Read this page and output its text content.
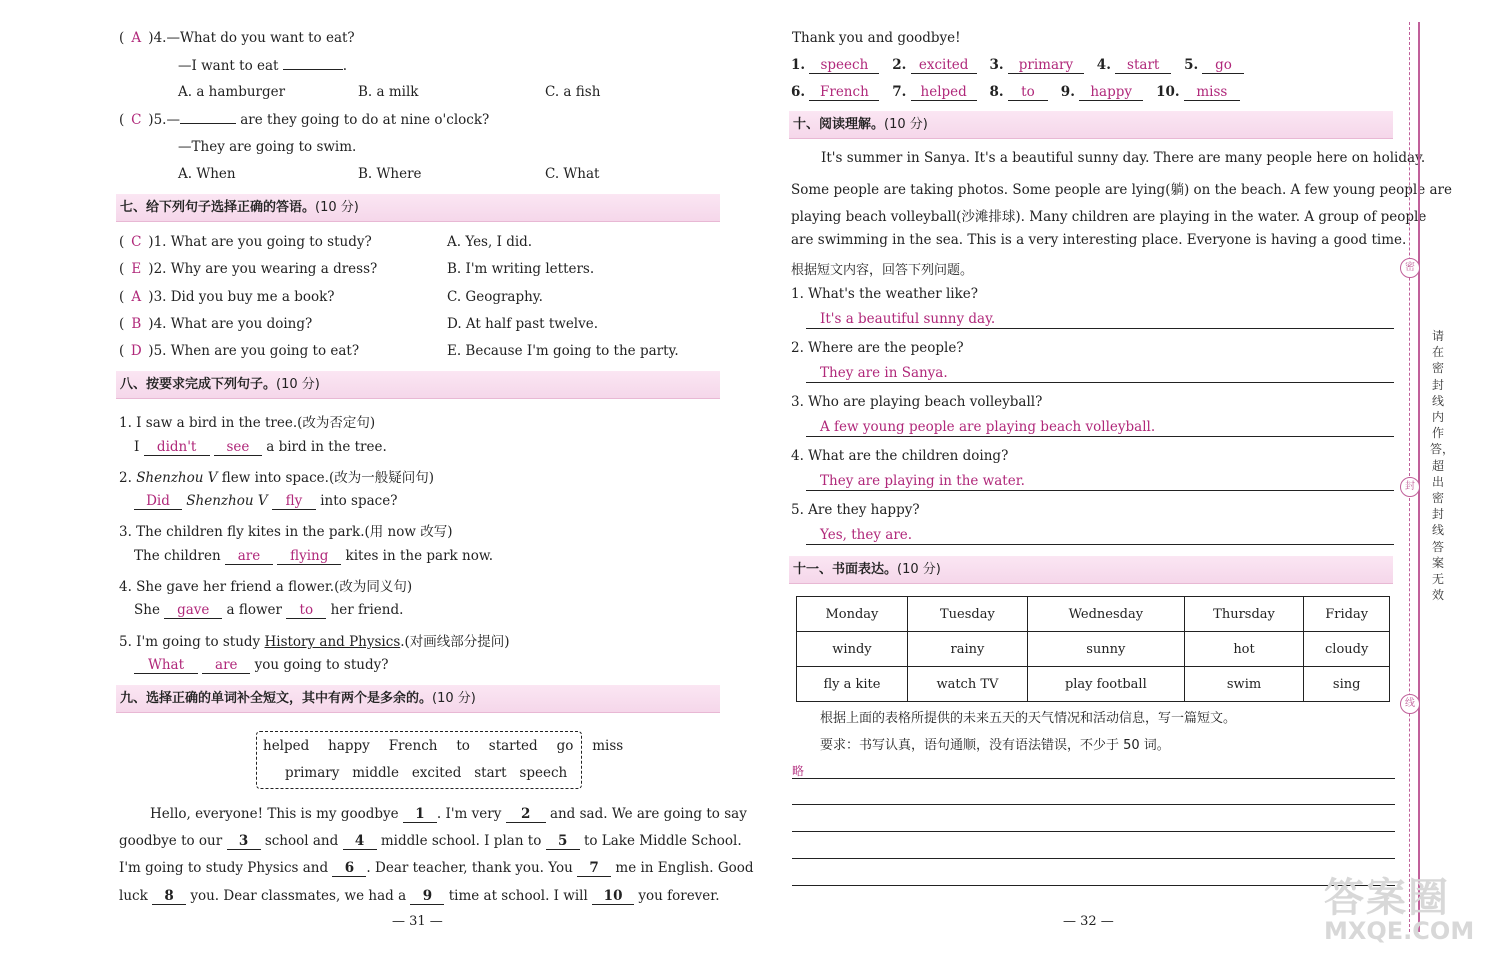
( A )4.—What do you want to eat?
—I want to eat	.
A. a hamburger	B. a milk	C. a fish
( C )5.—	are they going to do at nine o'clock?
—They are going to swim.
A. When	B. Where	C. What
七、给下列句子选择正确的答语。(10 分)
( C )1. What are you going to study?	A. Yes, I did.
( E )2. Why are you wearing a dress?	B. I'm writing letters.
( A )3. Did you buy me a book?	C. Geography.
( B )4. What are you doing?	D. At half past twelve.
( D )5. When are you going to eat?	E. Because I'm going to the party.
八、按要求完成下列句子。(10 分)
1. I saw a bird in the tree.(改为否定句)
I didn't see a bird in the tree.
2. Shenzhou V flew into space.(改为一般疑问句)
Did Shenzhou V fly into space?
3. The children fly kites in the park.(用 now 改写)
The children are flying kites in the park now.
4. She gave her friend a flower.(改为同义句)
She gave a flower to her friend.
5. I'm going to study History and Physics.(对画线部分提问)
What are you going to study?
九、选择正确的单词补全短文，其中有两个是多余的。(10 分)
helped happy French to started go miss
primary middle excited start speech
Hello, everyone! This is my goodbye 1 . I'm very 2 and sad. We are going to say
goodbye to our 3 school and 4 middle school. I plan to 5 to Lake Middle School.
I'm going to study Physics and 6 . Dear teacher, thank you. You 7 me in English. Good
luck 8 you. Dear classmates, we had a 9 time at school. I will 10 you forever.
— 31 —
Thank you and goodbye!
1. speech 2. excited 3. primary 4. start 5. go
6. French 7. helped 8. to 9. happy 10. miss
十、阅读理解。(10 分)
It's summer in Sanya. It's a beautiful sunny day. There are many people here on holiday.
Some people are taking photos. Some people are lying(躺) on the beach. A few young people are
playing beach volleyball(沙滩排球). Many children are playing in the water. A group of people
are swimming in the sea. This is a very interesting place. Everyone is having a good time.
根据短文内容，回答下列问题。
1. What's the weather like?
It's a beautiful sunny day.
2. Where are the people?
They are in Sanya.
3. Who are playing beach volleyball?
A few young people are playing beach volleyball.
4. What are the children doing?
They are playing in the water.
5. Are they happy?
Yes, they are.
十一、书面表达。(10 分)
Monday	Tuesday	Wednesday	Thursday	Friday
windy	rainy	sunny	hot	cloudy
fly a kite	watch TV	play football	swim	sing
根据上面的表格所提供的未来五天的天气情况和活动信息，写一篇短文。
要求：书写认真，语句通顺，没有语法错误，不少于 50 词。
略
— 32 —
密
封
线
请在密封线内作答，超出密封线答案无效
答案圈
MXQE.COM
